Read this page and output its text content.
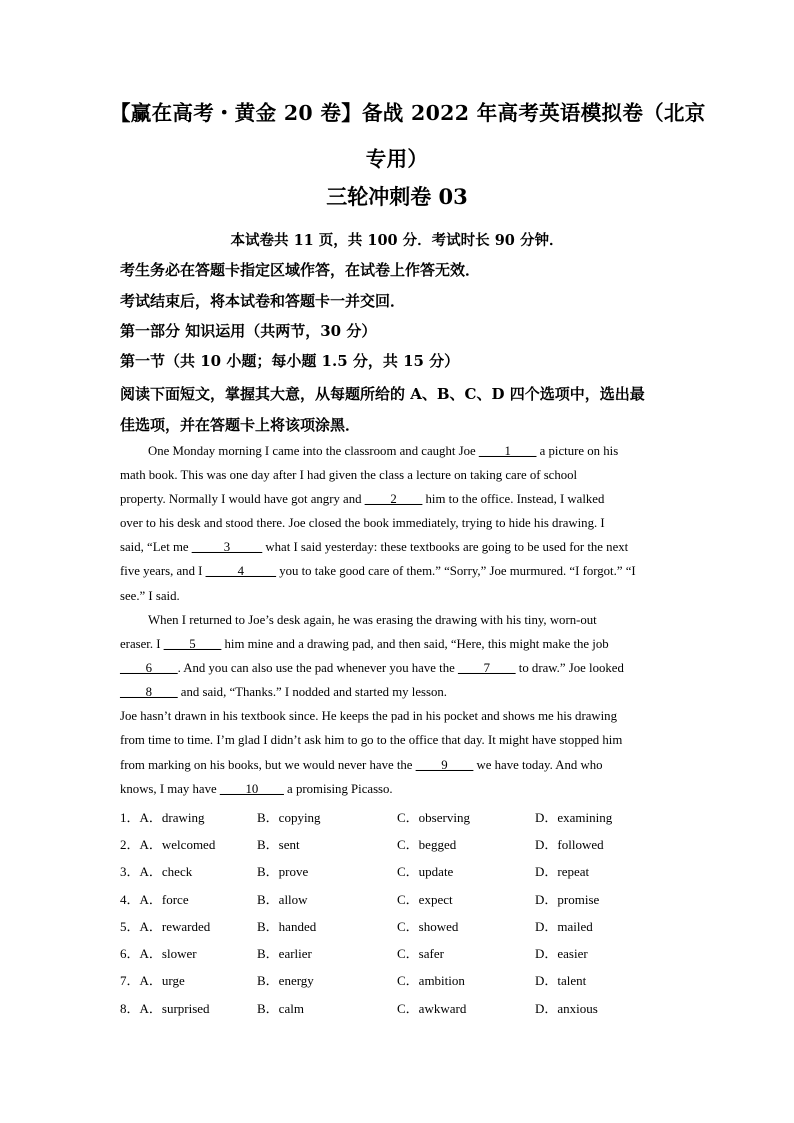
【赢在高考・黄金 20 卷】备战 2022 年高考英语模拟卷（北京
专用）
三轮冲刺卷 03
本试卷共 11 页，共 100 分．考试时长 90 分钟．
考生务必在答题卡指定区域作答，在试卷上作答无效．
考试结束后，将本试卷和答题卡一并交回．
第一部分 知识运用（共两节，30 分）
第一节（共 10 小题；每小题 1.5 分，共 15 分）
阅读下面短文，掌握其大意，从每题所给的 A、B、C、D 四个选项中，选出最
佳选项，并在答题卡上将该项涂黑．
One Monday morning I came into the classroom and caught Joe ____1____ a picture on his
math book. This was one day after I had given the class a lecture on taking care of school
property. Normally I would have got angry and ____2____ him to the office. Instead, I walked
over to his desk and stood there. Joe closed the book immediately, trying to hide his drawing. I
said, “Let me _____3_____ what I said yesterday: these textbooks are going to be used for the next
five years, and I _____4_____ you to take good care of them.” “Sorry,” Joe murmured. “I forgot.” “I
see.” I said.
When I returned to Joe’s desk again, he was erasing the drawing with his tiny, worn-out
eraser. I ____5____ him mine and a drawing pad, and then said, “Here, this might make the job
____6____. And you can also use the pad whenever you have the ____7____ to draw.” Joe looked
____8____ and said, “Thanks.” I nodded and started my lesson.
Joe hasn’t drawn in his textbook since. He keeps the pad in his pocket and shows me his drawing
from time to time. I’m glad I didn’t ask him to go to the office that day. It might have stopped him
from marking on his books, but we would never have the ____9____ we have today. And who
knows, I may have ____10____ a promising Picasso.
1．A．drawing	B．copying	C．observing	D．examining
2．A．welcomed	B．sent	C．begged	D．followed
3．A．check	B．prove	C．update	D．repeat
4．A．force	B．allow	C．expect	D．promise
5．A．rewarded	B．handed	C．showed	D．mailed
6．A．slower	B．earlier	C．safer	D．easier
7．A．urge	B．energy	C．ambition	D．talent
8．A．surprised	B．calm	C．awkward	D．anxious
